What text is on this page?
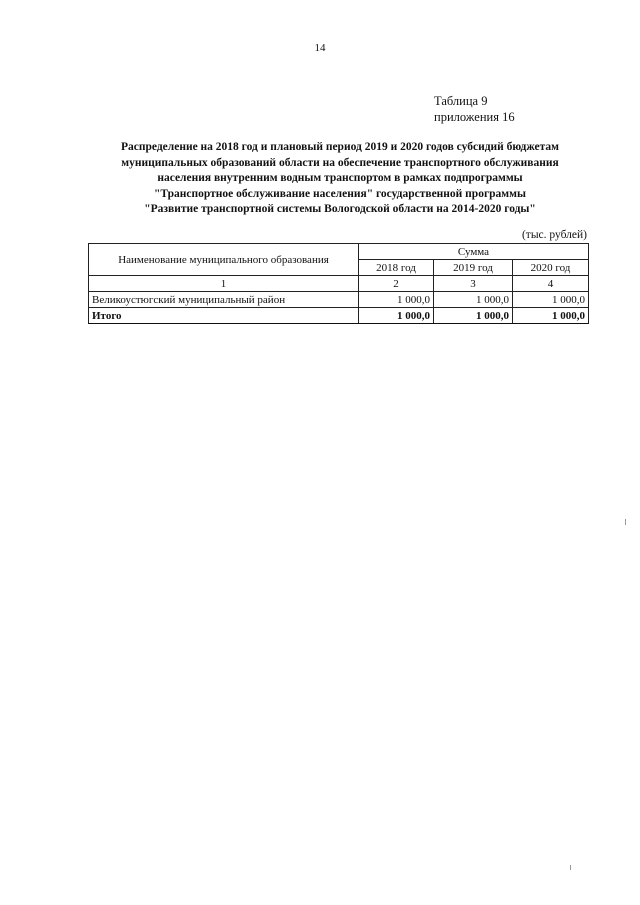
14
Таблица 9
приложения 16
Распределение на 2018 год и плановый период 2019 и 2020 годов субсидий бюджетам
муниципальных образований области на обеспечение транспортного обслуживания
населения внутренним водным транспортом в рамках подпрограммы
"Транспортное обслуживание населения" государственной программы
"Развитие транспортной системы Вологодской области на 2014-2020 годы"
(тыс. рублей)
Наименование муниципального образования	Сумма		
	2018 год	2019 год	2020 год
1	2	3	4
Великоустюгский муниципальный район	1 000,0	1 000,0	1 000,0
Итого	1 000,0	1 000,0	1 000,0
